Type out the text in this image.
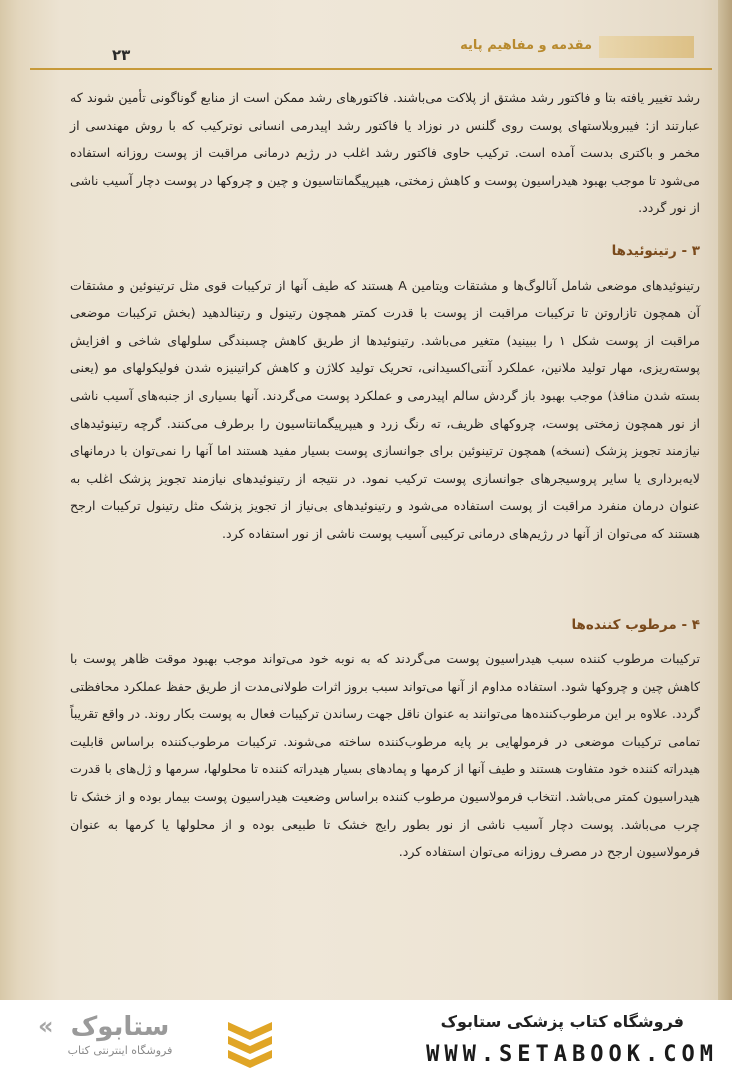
مقدمه و مفاهیم پایه
۲۳

رشد تغییر یافته بتا و فاکتور رشد مشتق از پلاکت می‌باشند. فاکتورهای رشد ممکن است از منابع گوناگونی تأمین شوند که عبارتند از: فیبروبلاستهای پوست روی گلنس در نوزاد یا فاکتور رشد اپیدرمی انسانی نوترکیب که با روش مهندسی از مخمر و باکتری بدست آمده است. ترکیب حاوی فاکتور رشد اغلب در رژیم درمانی مراقبت از پوست روزانه استفاده می‌شود تا موجب بهبود هیدراسیون پوست و کاهش زمختی، هیپرپیگمانتاسیون و چین و چروکها در پوست دچار آسیب ناشی از نور گردد.

۳ - رتینوئیدها

رتینوئیدهای موضعی شامل آنالوگ‌ها و مشتقات ویتامین A هستند که طیف آنها از ترکیبات قوی مثل ترتینوئین و مشتقات آن همچون تازاروتن تا ترکیبات مراقبت از پوست با قدرت کمتر همچون رتینول و رتینالدهید (بخش ترکیبات موضعی مراقبت از پوست شکل ۱ را ببینید) متغیر می‌باشد. رتینوئیدها از طریق کاهش چسبندگی سلولهای شاخی و افزایش پوسته‌ریزی، مهار تولید ملانین، عملکرد آنتی‌اکسیدانی، تحریک تولید کلاژن و کاهش کراتینیزه شدن فولیکولهای مو (یعنی بسته شدن منافذ) موجب بهبود باز گردش سالم اپیدرمی و عملکرد پوست می‌گردند. آنها بسیاری از جنبه‌های آسیب ناشی از نور همچون زمختی پوست، چروکهای ظریف، ته رنگ زرد و هیپرپیگمانتاسیون را برطرف می‌کنند. گرچه رتینوئیدهای نیازمند تجویز پزشک (نسخه) همچون ترتینوئین برای جوانسازی پوست بسیار مفید هستند اما آنها را نمی‌توان با درمانهای لایه‌برداری یا سایر پروسیجرهای جوانسازی پوست ترکیب نمود. در نتیجه از رتینوئیدهای نیازمند تجویز پزشک اغلب به عنوان درمان منفرد مراقبت از پوست استفاده می‌شود و رتینوئیدهای بی‌نیاز از تجویز پزشک مثل رتینول ترکیبات ارجح هستند که می‌توان از آنها در رژیم‌های درمانی ترکیبی آسیب پوست ناشی از نور استفاده کرد.

۴ - مرطوب کننده‌ها

ترکیبات مرطوب کننده سبب هیدراسیون پوست می‌گردند که به نوبه خود می‌تواند موجب بهبود موقت ظاهر پوست با کاهش چین و چروکها شود. استفاده مداوم از آنها می‌تواند سبب بروز اثرات طولانی‌مدت از طریق حفظ عملکرد محافظتی گردد. علاوه بر این مرطوب‌کننده‌ها می‌توانند به عنوان ناقل جهت رساندن ترکیبات فعال به پوست بکار روند. در واقع تقریباً تمامی ترکیبات موضعی در فرمولهایی بر پایه مرطوب‌کننده ساخته می‌شوند. ترکیبات مرطوب‌کننده براساس قابلیت هیدراته کننده خود متفاوت هستند و طیف آنها از کرمها و پمادهای بسیار هیدراته کننده تا محلولها، سرمها و ژل‌های با قدرت هیدراسیون کمتر می‌باشد. انتخاب فرمولاسیون مرطوب کننده براساس وضعیت هیدراسیون پوست بیمار بوده و از خشک تا چرب می‌باشد. پوست دچار آسیب ناشی از نور بطور رایج خشک تا طبیعی بوده و از محلولها یا کرمها به عنوان فرمولاسیون ارجح در مصرف روزانه می‌توان استفاده کرد.

« ستابوک
فروشگاه اینترنتی کتاب
فروشگاه کتاب پزشکی ستابوک
WWW.SETABOOK.COM
